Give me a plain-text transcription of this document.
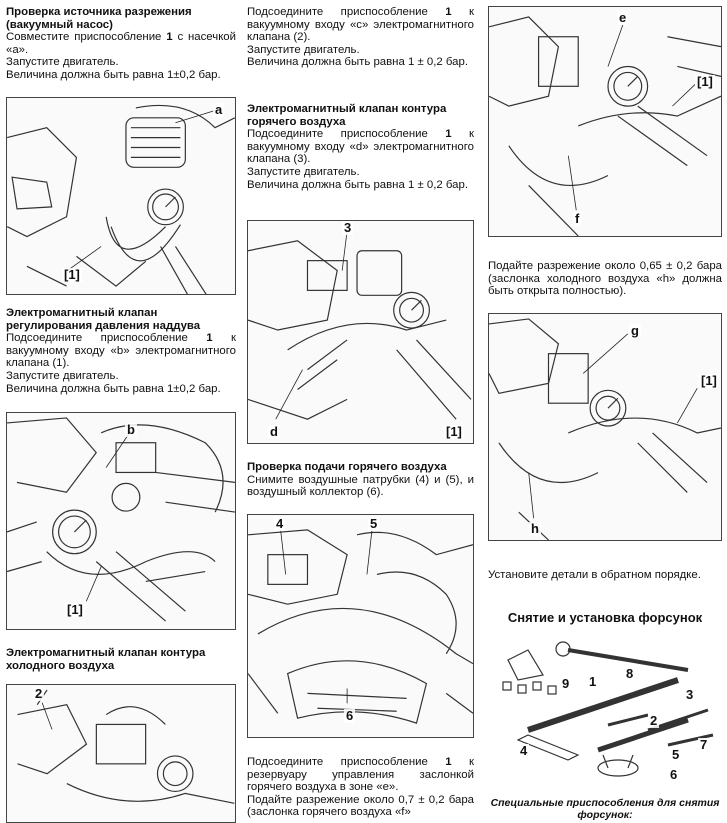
Проверка источника разрежения (вакуумный насос)
Совместите приспособление 1 с насечкой «a».
Запустите двигатель.
Величина должна быть равна 1±0,2 бар.
a
[1]
Электромагнитный клапан регулирования давления наддува
Подсоедините приспособление 1 к вакуумному входу «b» электромагнитного клапана (1).
Запустите двигатель.
Величина должна быть равна 1±0,2 бар.
b
[1]
Электромагнитный клапан контура холодного воздуха
2
Подсоедините приспособление 1 к вакуумному входу «c» электромагнитного клапана (2).
Запустите двигатель.
Величина должна быть равна 1 ± 0,2 бар.
Электромагнитный клапан контура горячего воздуха
Подсоедините приспособление 1 к вакуумному входу «d» электромагнитного клапана (3).
Запустите двигатель.
Величина должна быть равна 1 ± 0,2 бар.
3
d	[1]
Проверка подачи горячего воздуха
Снимите воздушные патрубки (4) и (5), и воздушный коллектор (6).
4	5
6
Подсоедините приспособление 1 к резервуару управления заслонкой горячего воздуха в зоне «e».
Подайте разрежение около 0,7 ± 0,2 бара (заслонка горячего воздуха «f»
e
[1]
f
Подайте разрежение около 0,65 ± 0,2 бара (заслонка холодного воздуха «h» должна быть открыта полностью).
g
[1]
h
Установите детали в обратном порядке.
Снятие и установка форсунок
1
2
3
4	5
6
7
8
9
Специальные приспособления для снятия форсунок:
